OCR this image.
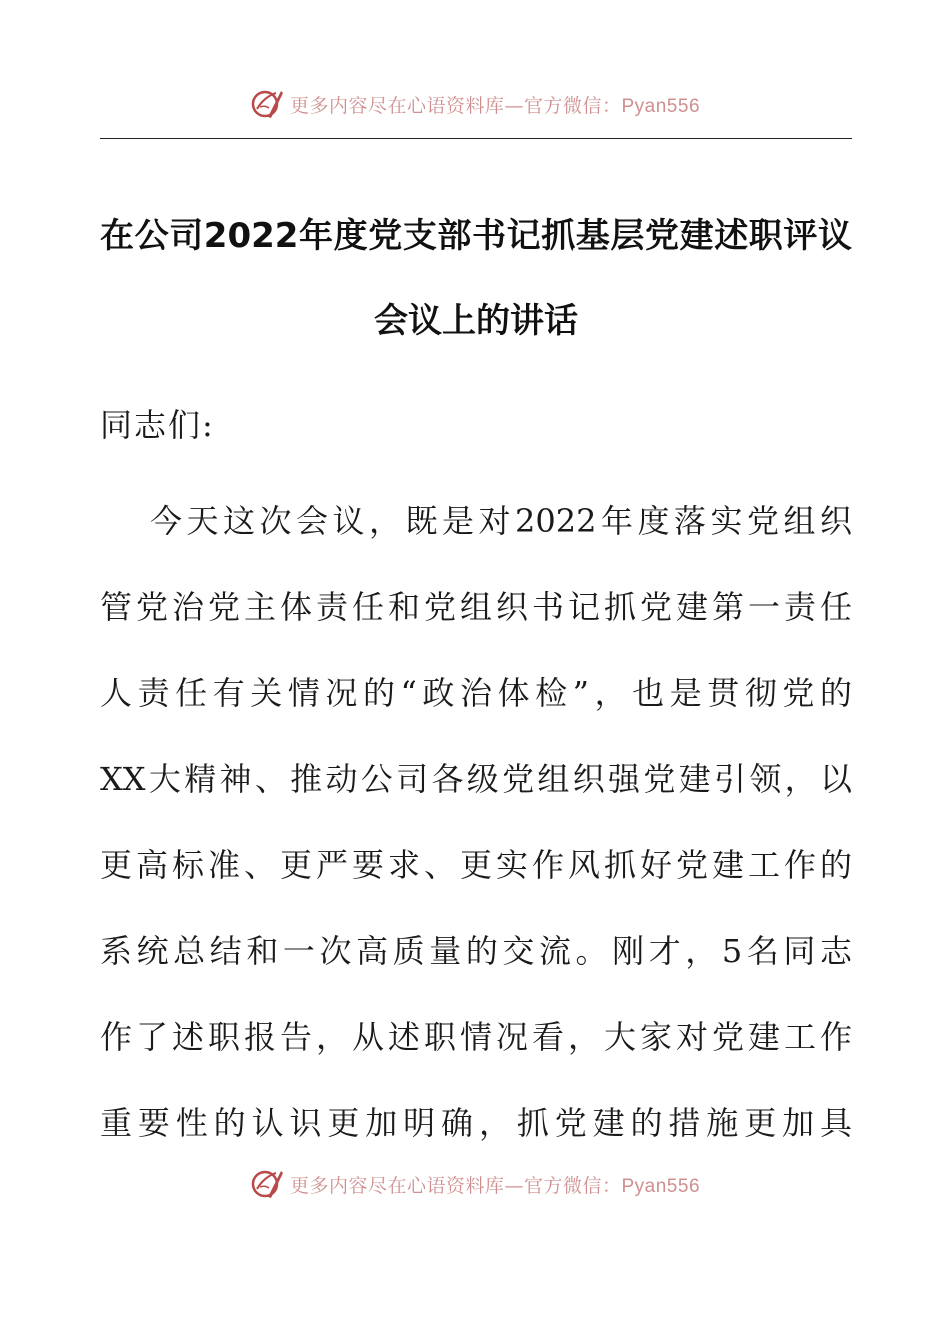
更多内容尽在心语资料库—官方微信：Pyan556
在公司2022年度党支部书记抓基层党建述职评议
会议上的讲话

同志们:

今天这次会议，既是对2022年度落实党组织

管党治党主体责任和党组织书记抓党建第一责任

人责任有关情况的“政治体检”，也是贯彻党的

XX大精神、推动公司各级党组织强党建引领，以

更高标准、更严要求、更实作风抓好党建工作的

系统总结和一次高质量的交流。刚才，5名同志

作了述职报告，从述职情况看，大家对党建工作

重要性的认识更加明确，抓党建的措施更加具

更多内容尽在心语资料库—官方微信：Pyan556
